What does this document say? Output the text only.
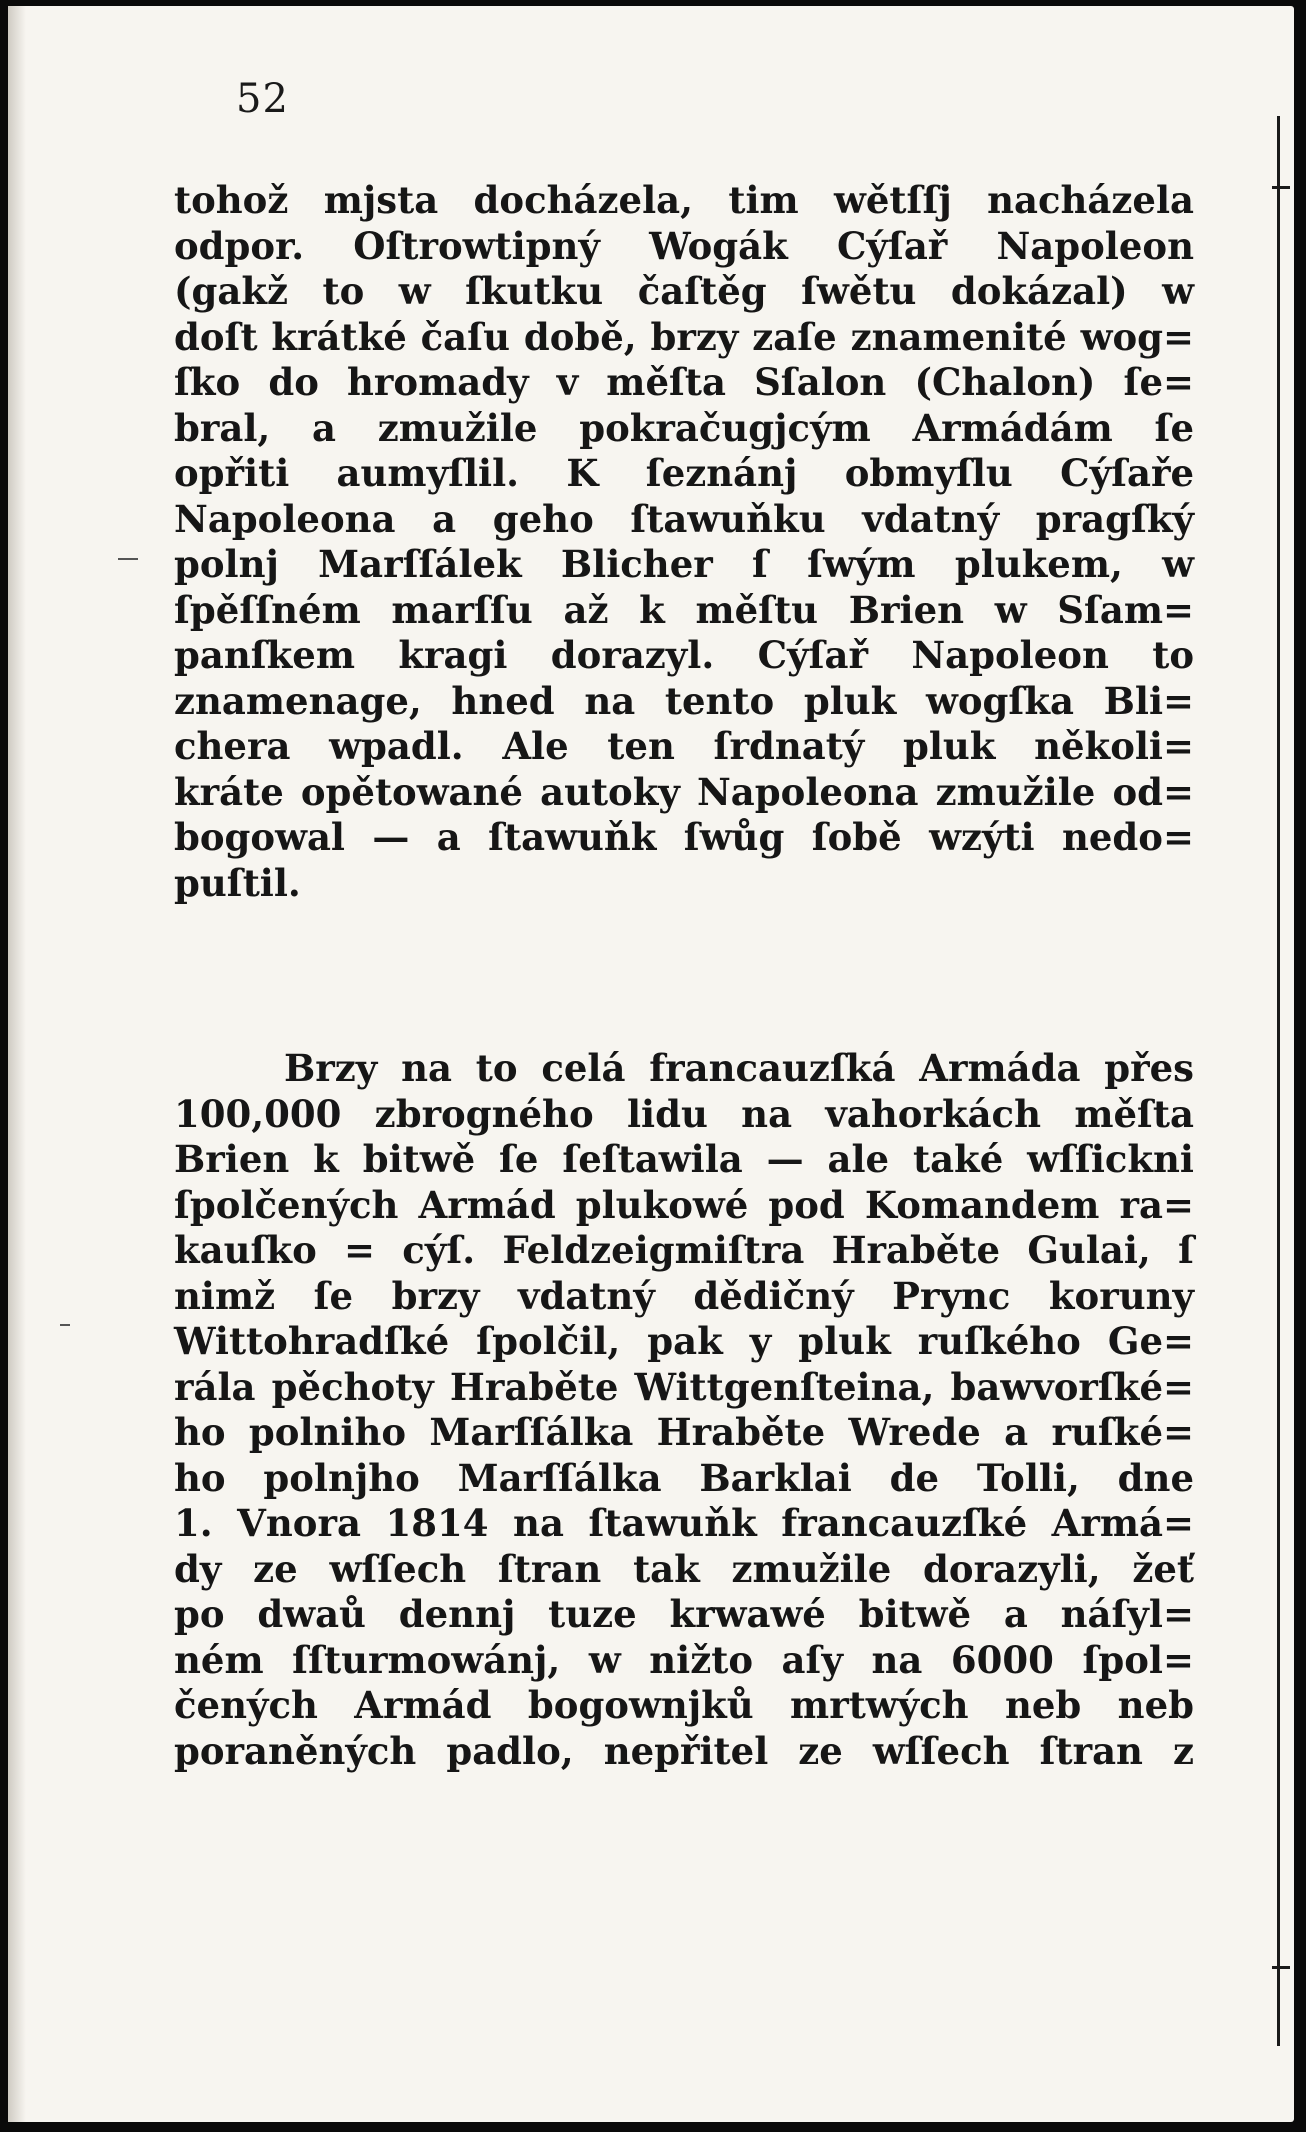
52
tohož mjsta docházela, tim wětſſj nacházela
odpor. Oſtrowtipný Wogák Cýſař Napoleon
(gakž to w ſkutku čaſtěg ſwětu dokázal) w
doſt krátké čaſu době, brzy zaſe znamenité wog=
ſko do hromady v měſta Sſalon (Chalon) ſe=
bral, a zmužile pokračugjcým Armádám ſe
opřiti aumyſlil. K ſeznánj obmyſlu Cýſaře
Napoleona a geho ſtawuňku vdatný pragſký
polnj Marſſálek Blicher ſ ſwým plukem, w
ſpěſſném marſſu až k měſtu Brien w Sſam=
panſkem kragi dorazyl. Cýſař Napoleon to
znamenage, hned na tento pluk wogſka Bli=
chera wpadl. Ale ten ſrdnatý pluk několi=
kráte opětowané autoky Napoleona zmužile od=
bogowal — a ſtawuňk ſwůg ſobě wzýti nedo=
puſtil.
Brzy na to celá francauzſká Armáda přes
100,000 zbrogného lidu na vahorkách měſta
Brien k bitwě ſe ſeſtawila — ale také wſſickni
ſpolčených Armád plukowé pod Komandem ra=
kauſko = cýſ. Feldzeigmiſtra Hraběte Gulai, ſ
nimž ſe brzy vdatný dědičný Prync koruny
Wittohradſké ſpolčil, pak y pluk ruſkého Ge=
rála pěchoty Hraběte Wittgenſteina, bawvorſké=
ho polniho Marſſálka Hraběte Wrede a ruſké=
ho polnjho Marſſálka Barklai de Tolli, dne
1. Vnora 1814 na ſtawuňk francauzſké Armá=
dy ze wſſech ſtran tak zmužile dorazyli, žeť
po dwaů dennj tuze krwawé bitwě a náſyl=
ném ſſturmowánj, w nižto aſy na 6000 ſpol=
čených Armád bogownjků mrtwých neb neb
poraněných padlo, nepřitel ze wſſech ſtran z
